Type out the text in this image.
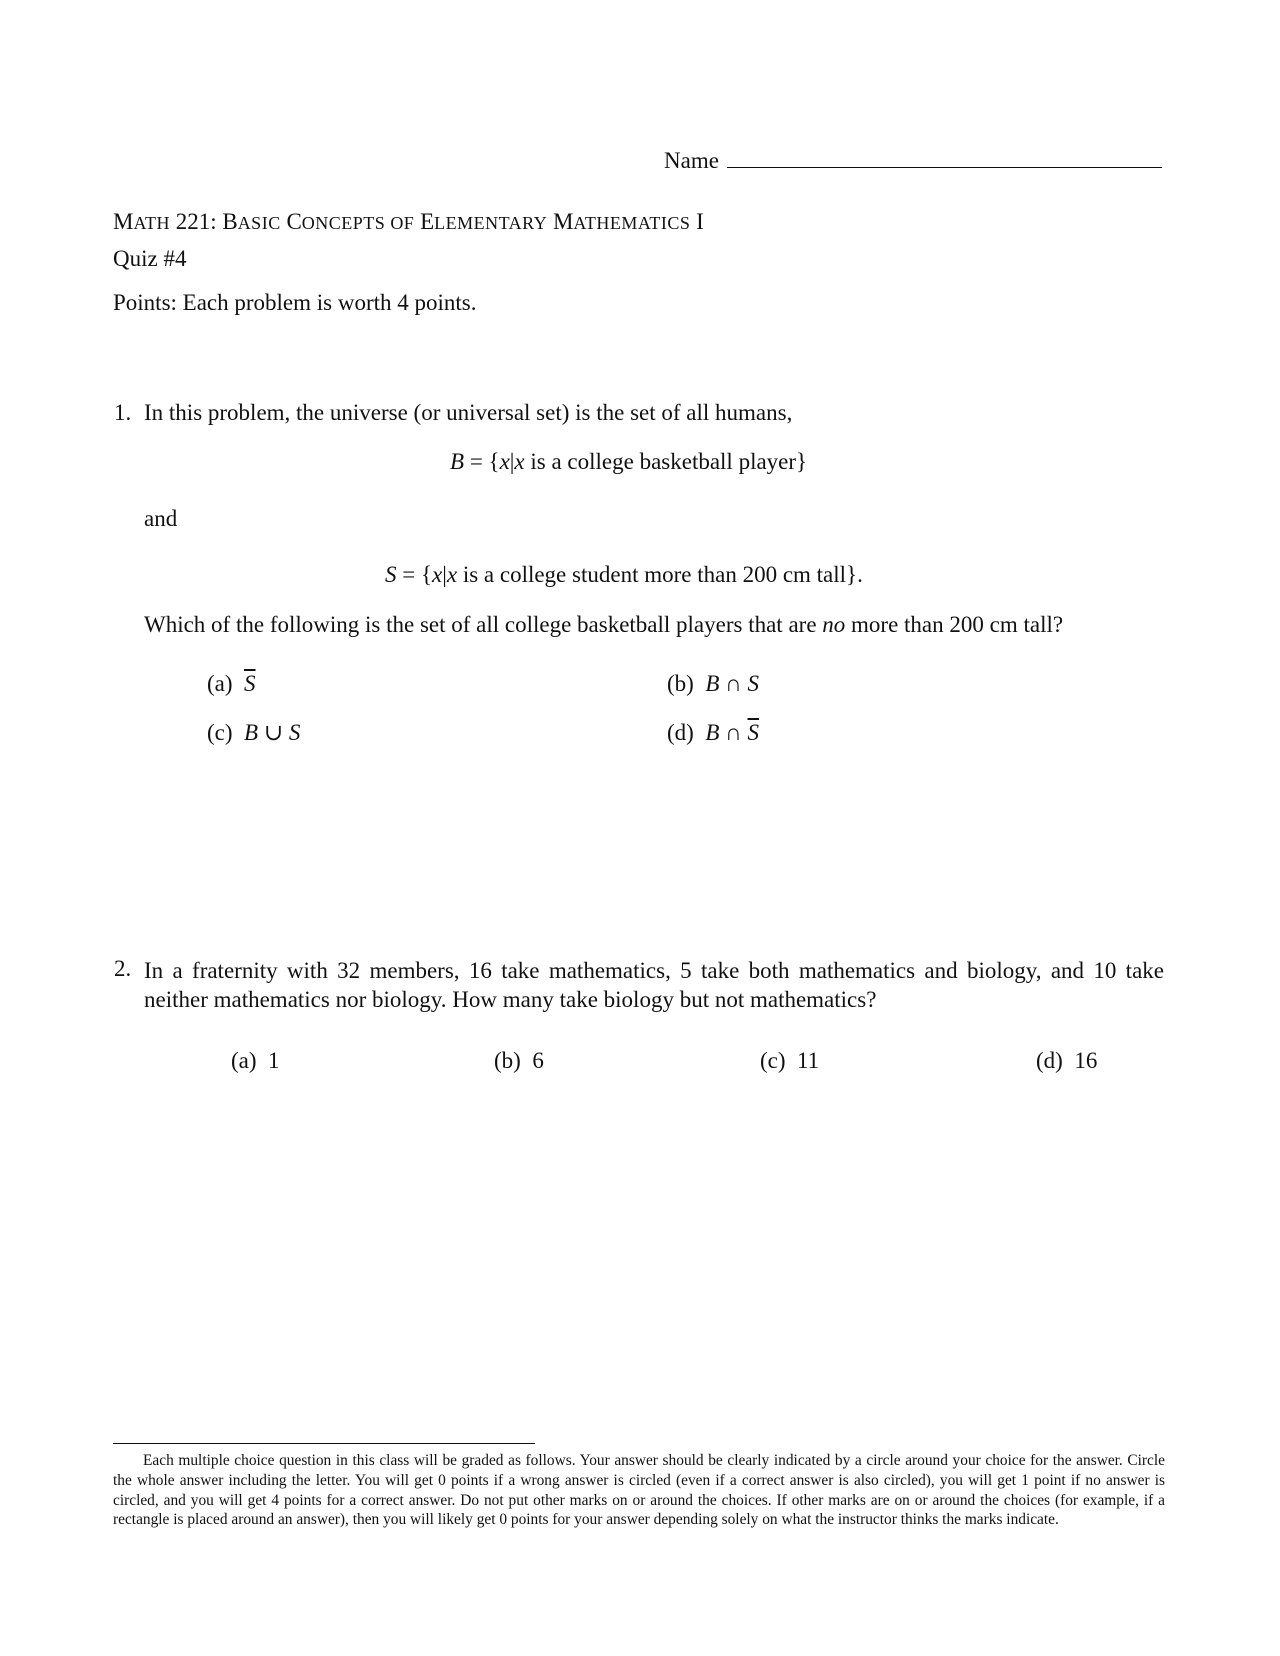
Name
MATH 221: BASIC CONCEPTS OF ELEMENTARY MATHEMATICS I
Quiz #4
Points: Each problem is worth 4 points.
1. In this problem, the universe (or universal set) is the set of all humans,
B = {x|x is a college basketball player}
and
S = {x|x is a college student more than 200 cm tall}.
Which of the following is the set of all college basketball players that are no more than 200 cm tall?
(a) $\overline{S}$	(b) B ∩ S
(c) B ∪ S	(d) B ∩ $\overline{S}$
2. In a fraternity with 32 members, 16 take mathematics, 5 take both mathematics and biology, and 10 take neither mathematics nor biology. How many take biology but not mathematics?
(a) 1	(b) 6	(c) 11	(d) 16
Each multiple choice question in this class will be graded as follows. Your answer should be clearly indicated by a circle around your choice for the answer. Circle the whole answer including the letter. You will get 0 points if a wrong answer is circled (even if a correct answer is also circled), you will get 1 point if no answer is circled, and you will get 4 points for a correct answer. Do not put other marks on or around the choices. If other marks are on or around the choices (for example, if a rectangle is placed around an answer), then you will likely get 0 points for your answer depending solely on what the instructor thinks the marks indicate.
